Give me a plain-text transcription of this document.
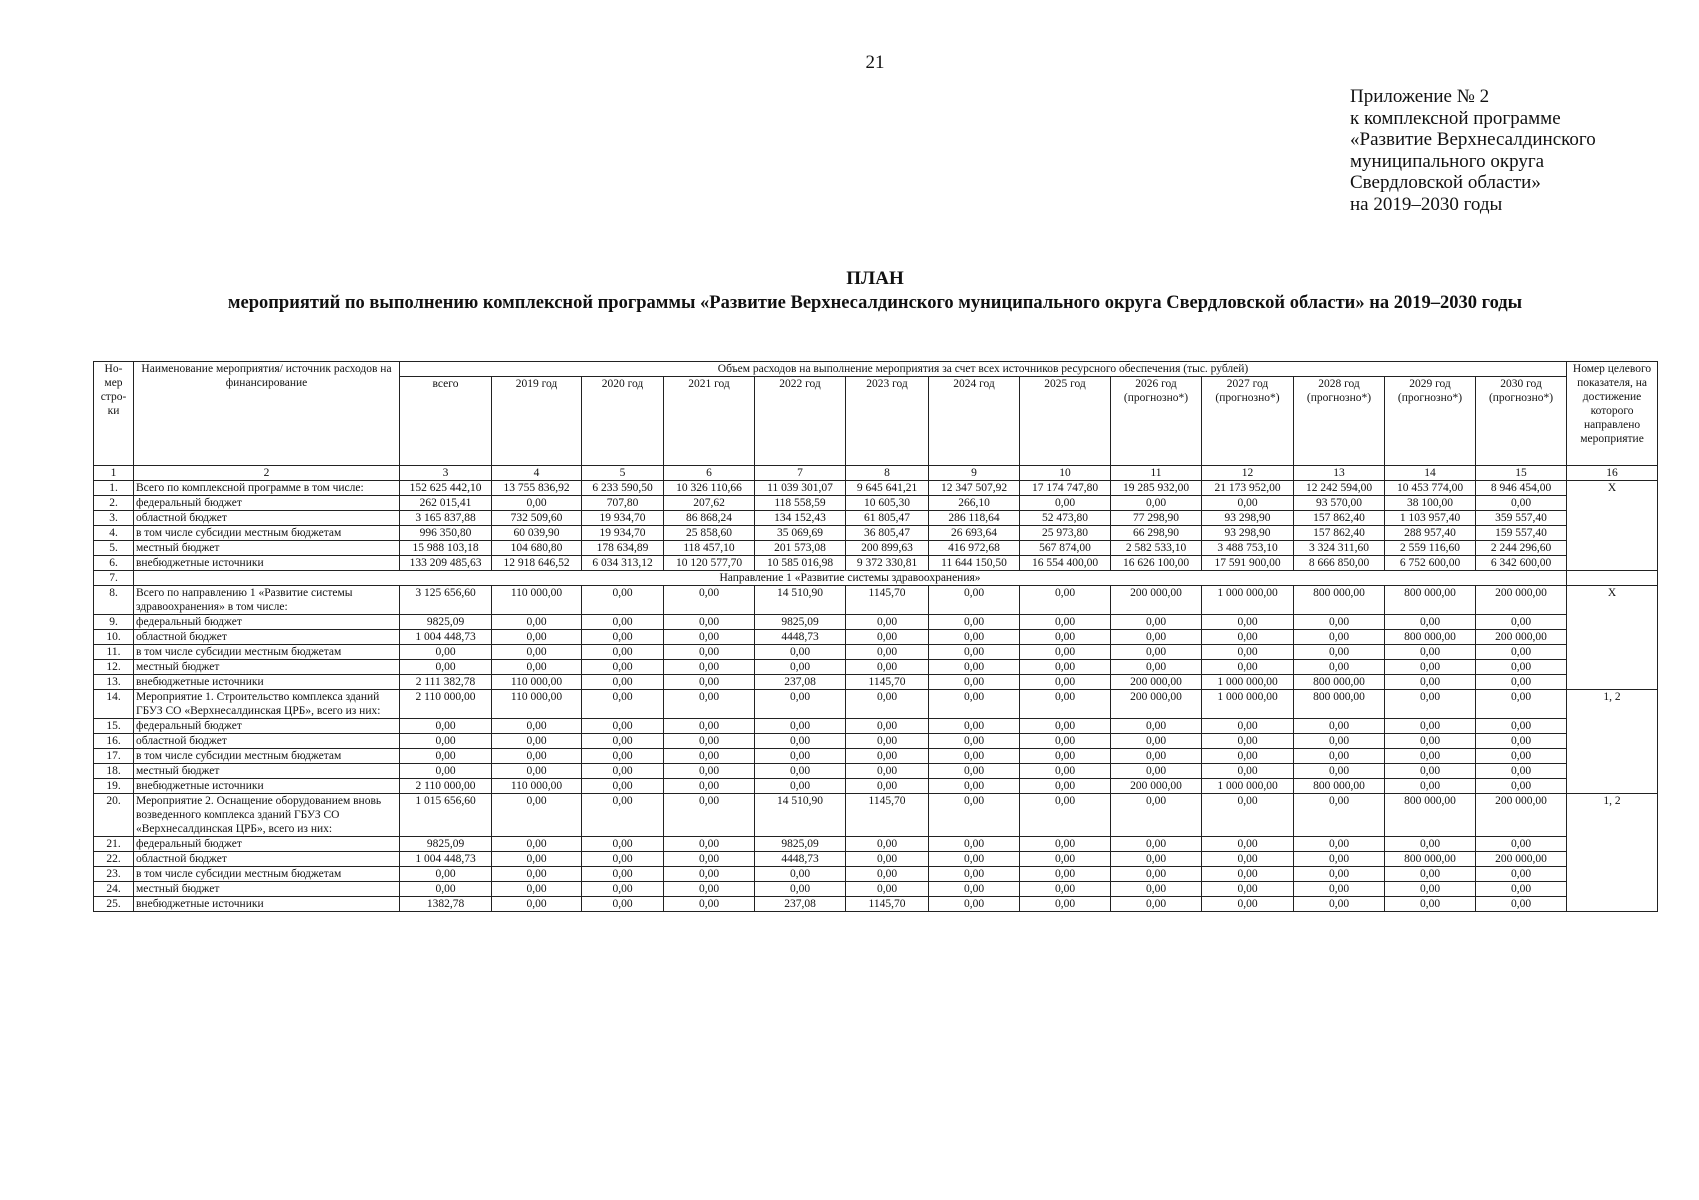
21
Приложение № 2
к комплексной программе
«Развитие Верхнесалдинского
муниципального округа
Свердловской области»
на 2019–2030 годы
ПЛАН
мероприятий по выполнению комплексной программы «Развитие Верхнесалдинского муниципального округа Свердловской области» на 2019–2030 годы
Но-мер стро-ки	Наименование мероприятия/ источник расходов на финансирование	Объем расходов на выполнение мероприятия за счет всех источников ресурсного обеспечения (тыс. рублей)													Номер целевого показателя, на достижение которого направлено мероприятие
		всего	2019 год	2020 год	2021 год	2022 год	2023 год	2024 год	2025 год	2026 год (прогнозно*)	2027 год (прогнозно*)	2028 год (прогнозно*)	2029 год (прогнозно*)	2030 год (прогнозно*)	
1	2	3	4	5	6	7	8	9	10	11	12	13	14	15	16
1.	Всего по комплексной программе в том числе:	152 625 442,10	13 755 836,92	6 233 590,50	10 326 110,66	11 039 301,07	9 645 641,21	12 347 507,92	17 174 747,80	19 285 932,00	21 173 952,00	12 242 594,00	10 453 774,00	8 946 454,00	X
2.	федеральный бюджет	262 015,41	0,00	707,80	207,62	118 558,59	10 605,30	266,10	0,00	0,00	0,00	93 570,00	38 100,00	0,00	
3.	областной бюджет	3 165 837,88	732 509,60	19 934,70	86 868,24	134 152,43	61 805,47	286 118,64	52 473,80	77 298,90	93 298,90	157 862,40	1 103 957,40	359 557,40	
4.	в том числе субсидии местным бюджетам	996 350,80	60 039,90	19 934,70	25 858,60	35 069,69	36 805,47	26 693,64	25 973,80	66 298,90	93 298,90	157 862,40	288 957,40	159 557,40	
5.	местный бюджет	15 988 103,18	104 680,80	178 634,89	118 457,10	201 573,08	200 899,63	416 972,68	567 874,00	2 582 533,10	3 488 753,10	3 324 311,60	2 559 116,60	2 244 296,60	
6.	внебюджетные источники	133 209 485,63	12 918 646,52	6 034 313,12	10 120 577,70	10 585 016,98	9 372 330,81	11 644 150,50	16 554 400,00	16 626 100,00	17 591 900,00	8 666 850,00	6 752 600,00	6 342 600,00	
7.	Направление 1 «Развитие системы здравоохранения»														
8.	Всего по направлению 1 «Развитие системы здравоохранения» в том числе:	3 125 656,60	110 000,00	0,00	0,00	14 510,90	1145,70	0,00	0,00	200 000,00	1 000 000,00	800 000,00	800 000,00	200 000,00	X
9.	федеральный бюджет	9825,09	0,00	0,00	0,00	9825,09	0,00	0,00	0,00	0,00	0,00	0,00	0,00	0,00	
10.	областной бюджет	1 004 448,73	0,00	0,00	0,00	4448,73	0,00	0,00	0,00	0,00	0,00	0,00	800 000,00	200 000,00	
11.	в том числе субсидии местным бюджетам	0,00	0,00	0,00	0,00	0,00	0,00	0,00	0,00	0,00	0,00	0,00	0,00	0,00	
12.	местный бюджет	0,00	0,00	0,00	0,00	0,00	0,00	0,00	0,00	0,00	0,00	0,00	0,00	0,00	
13.	внебюджетные источники	2 111 382,78	110 000,00	0,00	0,00	237,08	1145,70	0,00	0,00	200 000,00	1 000 000,00	800 000,00	0,00	0,00	
14.	Мероприятие 1. Строительство комплекса зданий ГБУЗ СО «Верхнесалдинская ЦРБ», всего из них:	2 110 000,00	110 000,00	0,00	0,00	0,00	0,00	0,00	0,00	200 000,00	1 000 000,00	800 000,00	0,00	0,00	1, 2
15.	федеральный бюджет	0,00	0,00	0,00	0,00	0,00	0,00	0,00	0,00	0,00	0,00	0,00	0,00	0,00	
16.	областной бюджет	0,00	0,00	0,00	0,00	0,00	0,00	0,00	0,00	0,00	0,00	0,00	0,00	0,00	
17.	в том числе субсидии местным бюджетам	0,00	0,00	0,00	0,00	0,00	0,00	0,00	0,00	0,00	0,00	0,00	0,00	0,00	
18.	местный бюджет	0,00	0,00	0,00	0,00	0,00	0,00	0,00	0,00	0,00	0,00	0,00	0,00	0,00	
19.	внебюджетные источники	2 110 000,00	110 000,00	0,00	0,00	0,00	0,00	0,00	0,00	200 000,00	1 000 000,00	800 000,00	0,00	0,00	
20.	Мероприятие 2. Оснащение оборудованием вновь возведенного комплекса зданий ГБУЗ СО «Верхнесалдинская ЦРБ», всего из них:	1 015 656,60	0,00	0,00	0,00	14 510,90	1145,70	0,00	0,00	0,00	0,00	0,00	800 000,00	200 000,00	1, 2
21.	федеральный бюджет	9825,09	0,00	0,00	0,00	9825,09	0,00	0,00	0,00	0,00	0,00	0,00	0,00	0,00	
22.	областной бюджет	1 004 448,73	0,00	0,00	0,00	4448,73	0,00	0,00	0,00	0,00	0,00	0,00	800 000,00	200 000,00	
23.	в том числе субсидии местным бюджетам	0,00	0,00	0,00	0,00	0,00	0,00	0,00	0,00	0,00	0,00	0,00	0,00	0,00	
24.	местный бюджет	0,00	0,00	0,00	0,00	0,00	0,00	0,00	0,00	0,00	0,00	0,00	0,00	0,00	
25.	внебюджетные источники	1382,78	0,00	0,00	0,00	237,08	1145,70	0,00	0,00	0,00	0,00	0,00	0,00	0,00	
